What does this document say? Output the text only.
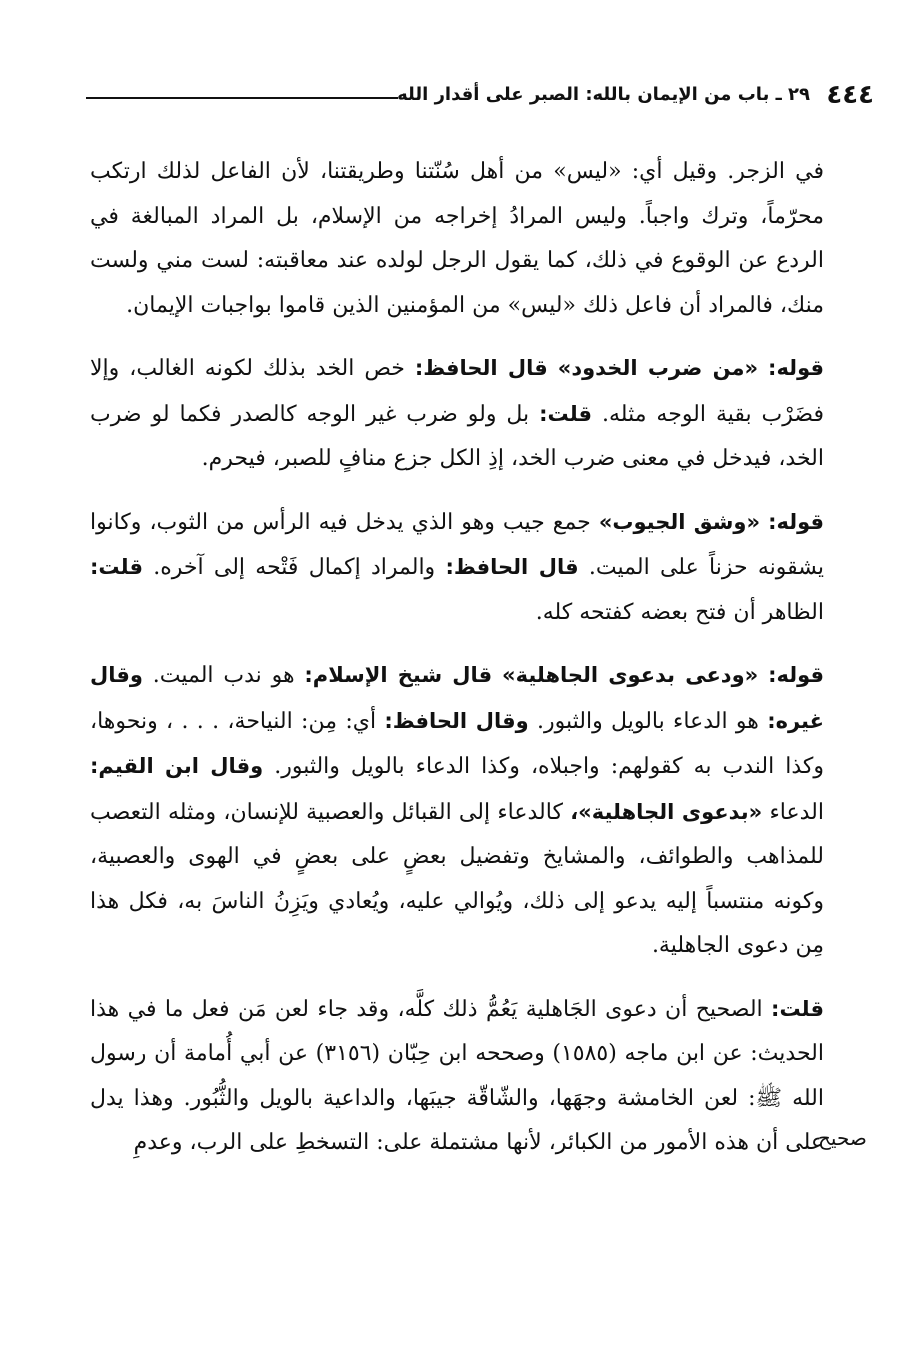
٤٤٤
٢٩ ـ باب من الإيمان بالله: الصبر على أقدار الله

في الزجر. وقيل أي: «ليس» من أهل سُنّتنا وطريقتنا، لأن الفاعل لذلك ارتكب محرّماً، وترك واجباً. وليس المرادُ إخراجه من الإسلام، بل المراد المبالغة في الردع عن الوقوع في ذلك، كما يقول الرجل لولده عند معاقبته: لست مني ولست منك، فالمراد أن فاعل ذلك «ليس» من المؤمنين الذين قاموا بواجبات الإيمان.

قوله: «من ضرب الخدود» قال الحافظ: خص الخد بذلك لكونه الغالب، وإلا فضَرْب بقية الوجه مثله. قلت: بل ولو ضرب غير الوجه كالصدر فكما لو ضرب الخد، فيدخل في معنى ضرب الخد، إذِ الكل جزع منافٍ للصبر، فيحرم.

قوله: «وشق الجيوب» جمع جيب وهو الذي يدخل فيه الرأس من الثوب، وكانوا يشقونه حزناً على الميت. قال الحافظ: والمراد إكمال فَتْحه إلى آخره. قلت: الظاهر أن فتح بعضه كفتحه كله.

قوله: «ودعى بدعوى الجاهلية» قال شيخ الإسلام: هو ندب الميت. وقال غيره: هو الدعاء بالويل والثبور. وقال الحافظ: أي: مِن: النياحة، . . . ، ونحوها، وكذا الندب به كقولهم: واجبلاه، وكذا الدعاء بالويل والثبور. وقال ابن القيم: الدعاء «بدعوى الجاهلية»، كالدعاء إلى القبائل والعصبية للإنسان، ومثله التعصب للمذاهب والطوائف، والمشايخ وتفضيل بعضٍ على بعضٍ في الهوى والعصبية، وكونه منتسباً إليه يدعو إلى ذلك، ويُوالي عليه، ويُعادي ويَزِنُ الناسَ به، فكل هذا مِن دعوى الجاهلية.

قلت: الصحيح أن دعوى الجَاهلية يَعُمُّ ذلك كلَّه، وقد جاء لعن مَن فعل ما في هذا الحديث: عن ابن ماجه (١٥٨٥) وصححه ابن حِبّان (٣١٥٦) عن أبي أُمامة أن رسول الله ﷺ: لعن الخامشة وجهَها، والشّاقّة جيبَها، والداعية بالويل والثُّبُور. وهذا يدل على أن هذه الأمور من الكبائر، لأنها مشتملة على: التسخطِ على الرب، وعدمِ

صحيح
